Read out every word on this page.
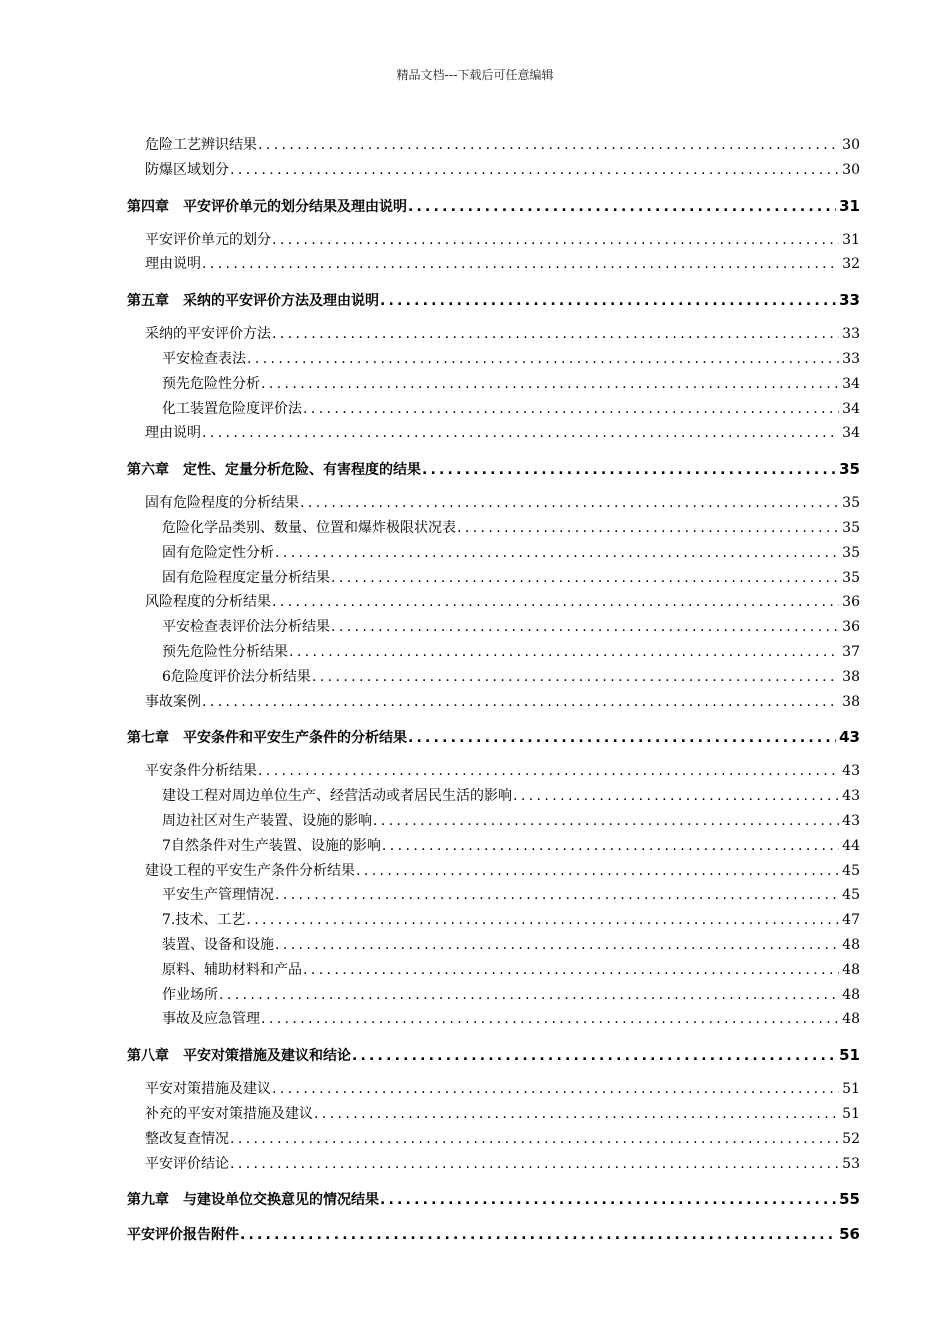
精品文档---下载后可任意编辑
危险工艺辨识结果 .....	30
防爆区域划分 .....	30
第四章　平安评价单元的划分结果及理由说明 .....	31
平安评价单元的划分 .....	31
理由说明 .....	32
第五章　采纳的平安评价方法及理由说明 .....	33
采纳的平安评价方法 .....	33
平安检查表法 .....	33
预先危险性分析 .....	34
化工装置危险度评价法 .....	34
理由说明 .....	34
第六章　定性、定量分析危险、有害程度的结果 .....	35
固有危险程度的分析结果 .....	35
危险化学品类别、数量、位置和爆炸极限状况表 .....	35
固有危险定性分析 .....	35
固有危险程度定量分析结果 .....	35
风险程度的分析结果 .....	36
平安检查表评价法分析结果 .....	36
预先危险性分析结果 .....	37
6危险度评价法分析结果 .....	38
事故案例 .....	38
第七章　平安条件和平安生产条件的分析结果 .....	43
平安条件分析结果 .....	43
建设工程对周边单位生产、经营活动或者居民生活的影响 .....	43
周边社区对生产装置、设施的影响 .....	43
7自然条件对生产装置、设施的影响 .....	44
建设工程的平安生产条件分析结果 .....	45
平安生产管理情况 .....	45
7.技术、工艺 .....	47
装置、设备和设施 .....	48
原料、辅助材料和产品 .....	48
作业场所 .....	48
事故及应急管理 .....	48
第八章　平安对策措施及建议和结论 .....	51
平安对策措施及建议 .....	51
补充的平安对策措施及建议 .....	51
整改复查情况 .....	52
平安评价结论 .....	53
第九章　与建设单位交换意见的情况结果 .....	55
平安评价报告附件 .....	56
